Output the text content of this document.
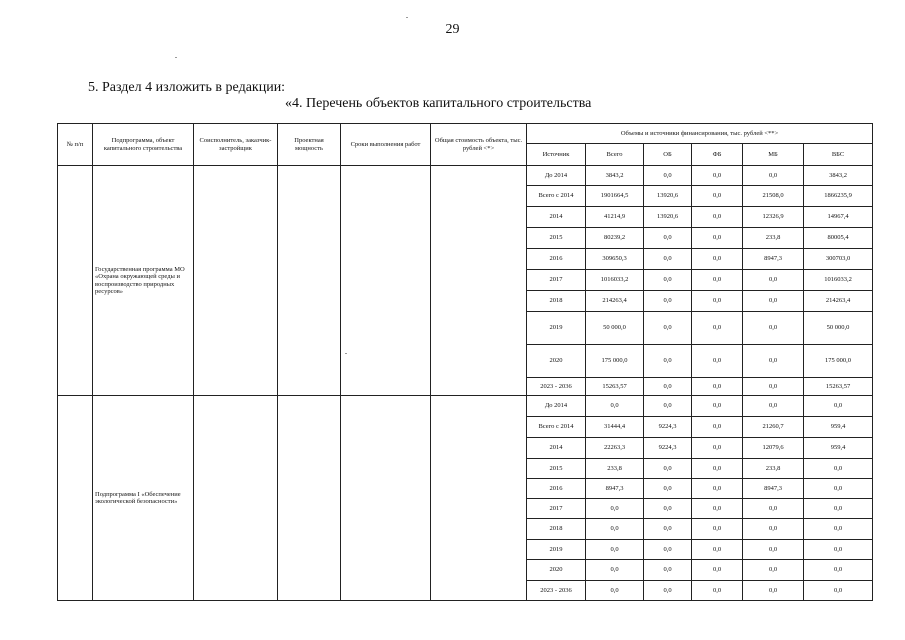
29
5. Раздел 4 изложить в редакции:
«4. Перечень объектов капитального строительства
№ п/п	Подпрограмма, объект капитального строительства	Соисполнитель, заказчик-застройщик	Проектная мощность	Сроки выполнения работ	Общая стоимость объекта, тыс. рублей <*>	Объемы и источники финансирования, тыс. рублей <**>					
						Источник	Всего	ОБ	ФБ	МБ	ВБС
	Государственная программа МО «Охрана окружающей среды и воспроизводство природных ресурсов»					До 2014	3843,2	0,0	0,0	0,0	3843,2
						Всего с 2014	1901664,5	13920,6	0,0	21508,0	1866235,9
						2014	41214,9	13920,6	0,0	12326,9	14967,4
						2015	80239,2	0,0	0,0	233,8	80005,4
						2016	309650,3	0,0	0,0	8947,3	300703,0
						2017	1016033,2	0,0	0,0	0,0	1016033,2
						2018	214263,4	0,0	0,0	0,0	214263,4
						2019	50 000,0	0,0	0,0	0,0	50 000,0
						2020	175 000,0	0,0	0,0	0,0	175 000,0
						2023 - 2036	15263,57	0,0	0,0	0,0	15263,57
	Подпрограмма I «Обеспечение экологической безопасности»					До 2014	0,0	0,0	0,0	0,0	0,0
						Всего с 2014	31444,4	9224,3	0,0	21260,7	959,4
						2014	22263,3	9224,3	0,0	12079,6	959,4
						2015	233,8	0,0	0,0	233,8	0,0
						2016	8947,3	0,0	0,0	8947,3	0,0
						2017	0,0	0,0	0,0	0,0	0,0
						2018	0,0	0,0	0,0	0,0	0,0
						2019	0,0	0,0	0,0	0,0	0,0
						2020	0,0	0,0	0,0	0,0	0,0
						2023 - 2036	0,0	0,0	0,0	0,0	0,0
